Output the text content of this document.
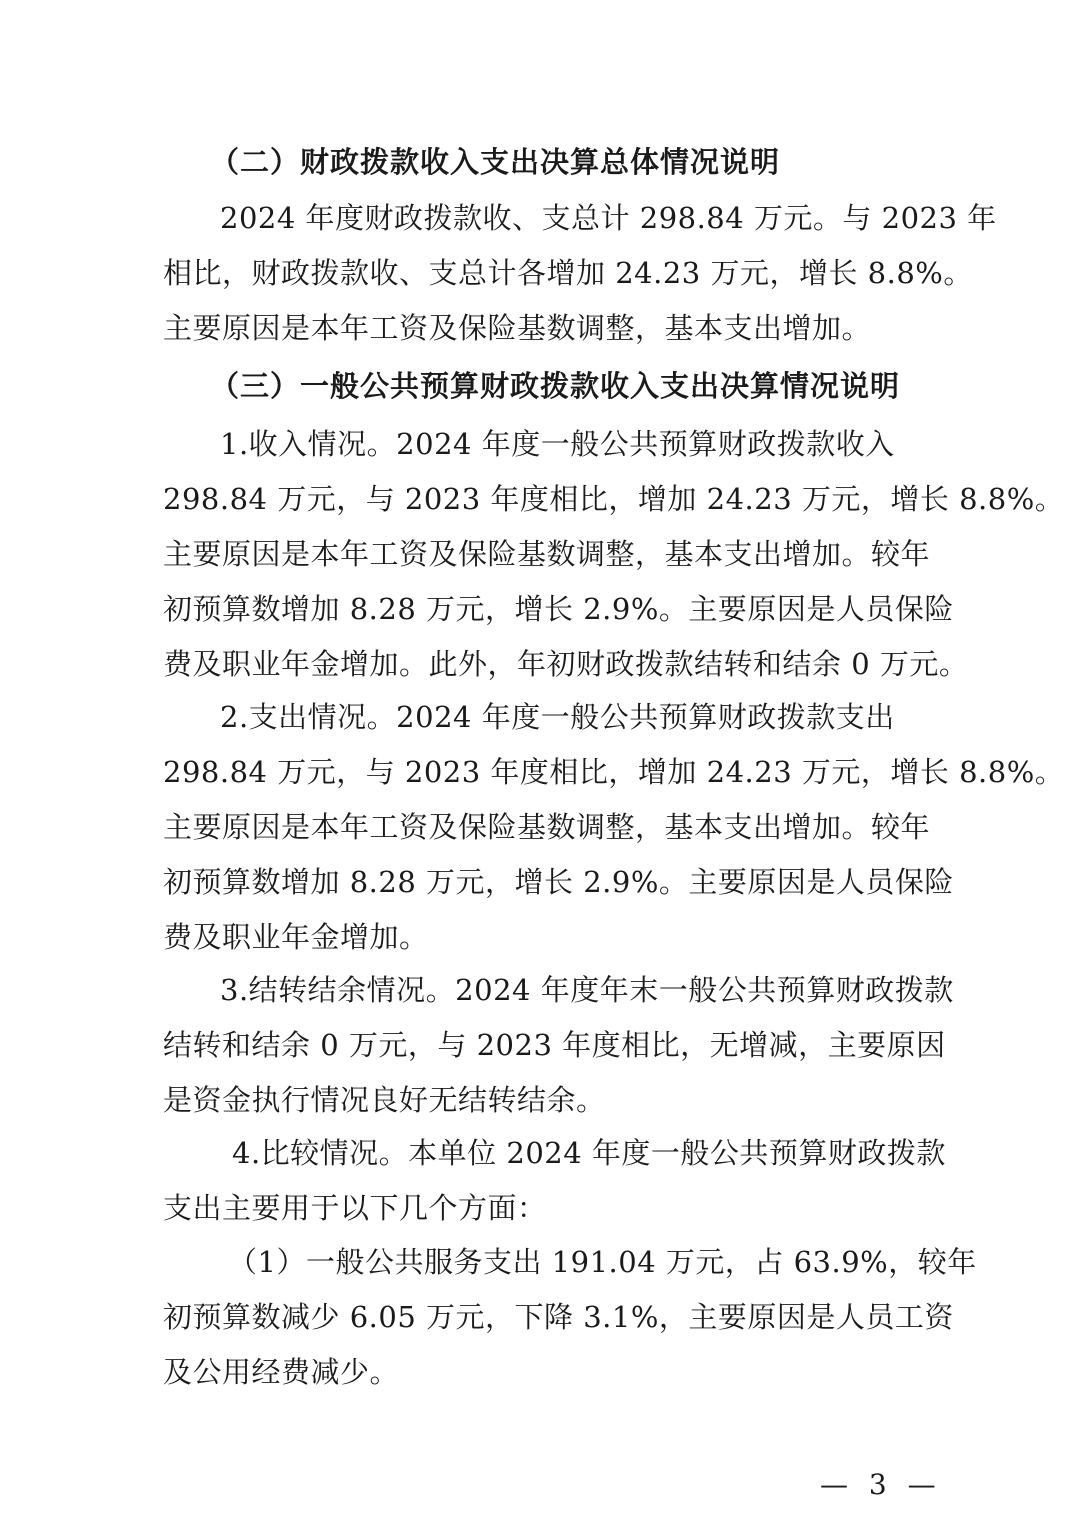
（二）财政拨款收入支出决算总体情况说明
2024 年度财政拨款收、支总计 298.84 万元。与 2023 年
相比，财政拨款收、支总计各增加 24.23 万元，增长 8.8%。
主要原因是本年工资及保险基数调整，基本支出增加。
（三）一般公共预算财政拨款收入支出决算情况说明
1.收入情况。2024 年度一般公共预算财政拨款收入
298.84 万元，与 2023 年度相比，增加 24.23 万元，增长 8.8%。
主要原因是本年工资及保险基数调整，基本支出增加。较年
初预算数增加 8.28 万元，增长 2.9%。主要原因是人员保险
费及职业年金增加。此外，年初财政拨款结转和结余 0 万元。
2.支出情况。2024 年度一般公共预算财政拨款支出
298.84 万元，与 2023 年度相比，增加 24.23 万元，增长 8.8%。
主要原因是本年工资及保险基数调整，基本支出增加。较年
初预算数增加 8.28 万元，增长 2.9%。主要原因是人员保险
费及职业年金增加。
3.结转结余情况。2024 年度年末一般公共预算财政拨款
结转和结余 0 万元，与 2023 年度相比，无增减，主要原因
是资金执行情况良好无结转结余。
4.比较情况。本单位 2024 年度一般公共预算财政拨款
支出主要用于以下几个方面：
（1）一般公共服务支出 191.04 万元，占 63.9%，较年
初预算数减少 6.05 万元，下降 3.1%，主要原因是人员工资
及公用经费减少。
— 3 —
